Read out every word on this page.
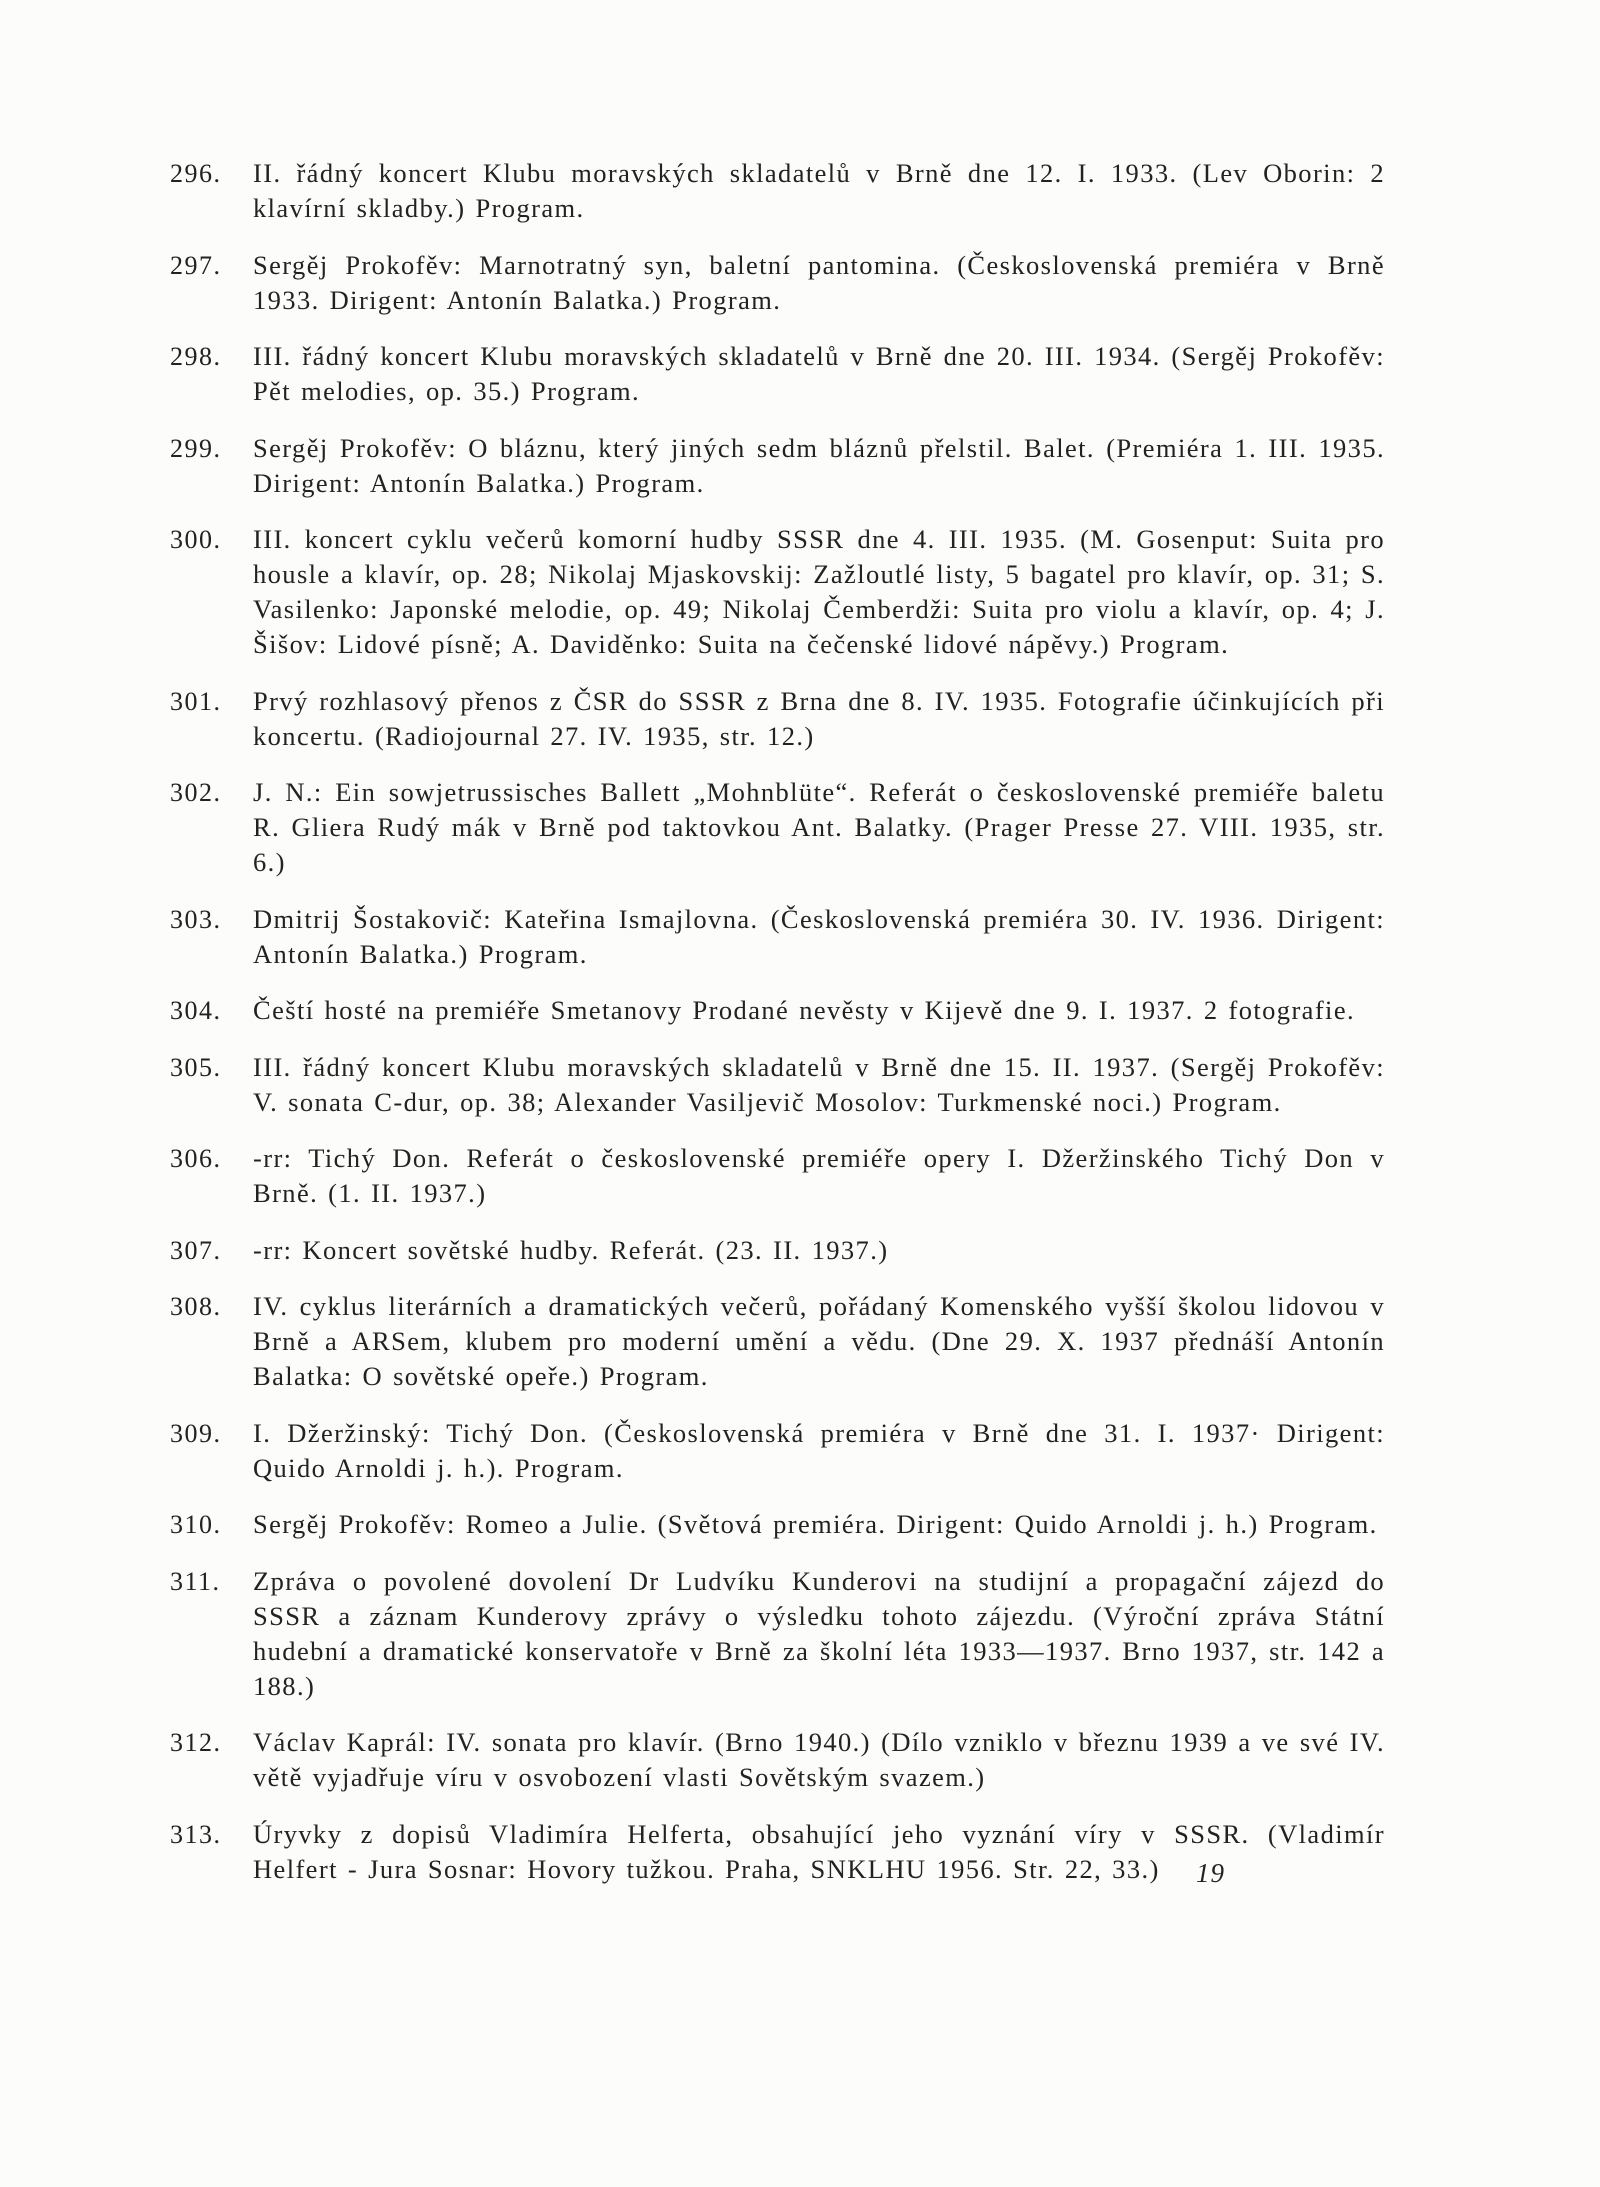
296.	II. řádný koncert Klubu moravských skladatelů v Brně dne 12. I. 1933. (Lev Oborin: 2 klavírní skladby.) Program.
297.	Sergěj Prokofěv: Marnotratný syn, baletní pantomina. (Československá premiéra v Brně 1933. Dirigent: Antonín Balatka.) Program.
298.	III. řádný koncert Klubu moravských skladatelů v Brně dne 20. III. 1934. (Sergěj Prokofěv: Pět melodies, op. 35.) Program.
299.	Sergěj Prokofěv: O bláznu, který jiných sedm bláznů přelstil. Balet. (Premiéra 1. III. 1935. Dirigent: Antonín Balatka.) Program.
300.	III. koncert cyklu večerů komorní hudby SSSR dne 4. III. 1935. (M. Gosenput: Suita pro housle a klavír, op. 28; Nikolaj Mjaskovskij: Zažloutlé listy, 5 bagatel pro klavír, op. 31; S. Vasilenko: Japonské melodie, op. 49; Nikolaj Čemberdži: Suita pro violu a klavír, op. 4; J. Šišov: Lidové písně; A. Daviděnko: Suita na čečenské lidové nápěvy.) Program.
301.	Prvý rozhlasový přenos z ČSR do SSSR z Brna dne 8. IV. 1935. Fotografie účinkujících při koncertu. (Radiojournal 27. IV. 1935, str. 12.)
302.	J. N.: Ein sowjetrussisches Ballett „Mohnblüte“. Referát o československé premiéře baletu R. Gliera Rudý mák v Brně pod taktovkou Ant. Balatky. (Prager Presse 27. VIII. 1935, str. 6.)
303.	Dmitrij Šostakovič: Kateřina Ismajlovna. (Československá premiéra 30. IV. 1936. Dirigent: Antonín Balatka.) Program.
304.	Čeští hosté na premiéře Smetanovy Prodané nevěsty v Kijevě dne 9. I. 1937. 2 fotografie.
305.	III. řádný koncert Klubu moravských skladatelů v Brně dne 15. II. 1937. (Sergěj Prokofěv: V. sonata C-dur, op. 38; Alexander Vasiljevič Mosolov: Turkmenské noci.) Program.
306.	-rr: Tichý Don. Referát o československé premiéře opery I. Džeržinského Tichý Don v Brně. (1. II. 1937.)
307.	-rr: Koncert sovětské hudby. Referát. (23. II. 1937.)
308.	IV. cyklus literárních a dramatických večerů, pořádaný Komenského vyšší školou lidovou v Brně a ARSem, klubem pro moderní umění a vědu. (Dne 29. X. 1937 přednáší Antonín Balatka: O sovětské opeře.) Program.
309.	I. Džeržinský: Tichý Don. (Československá premiéra v Brně dne 31. I. 1937· Dirigent: Quido Arnoldi j. h.). Program.
310.	Sergěj Prokofěv: Romeo a Julie. (Světová premiéra. Dirigent: Quido Arnoldi j. h.) Program.
311.	Zpráva o povolené dovolení Dr Ludvíku Kunderovi na studijní a propagační zájezd do SSSR a záznam Kunderovy zprávy o výsledku tohoto zájezdu. (Výroční zpráva Státní hudební a dramatické konservatoře v Brně za školní léta 1933—1937. Brno 1937, str. 142 a 188.)
312.	Václav Kaprál: IV. sonata pro klavír. (Brno 1940.) (Dílo vzniklo v březnu 1939 a ve své IV. větě vyjadřuje víru v osvobození vlasti Sovětským svazem.)
313.	Úryvky z dopisů Vladimíra Helferta, obsahující jeho vyznání víry v SSSR. (Vladimír Helfert - Jura Sosnar: Hovory tužkou. Praha, SNKLHU 1956. Str. 22, 33.)	19
